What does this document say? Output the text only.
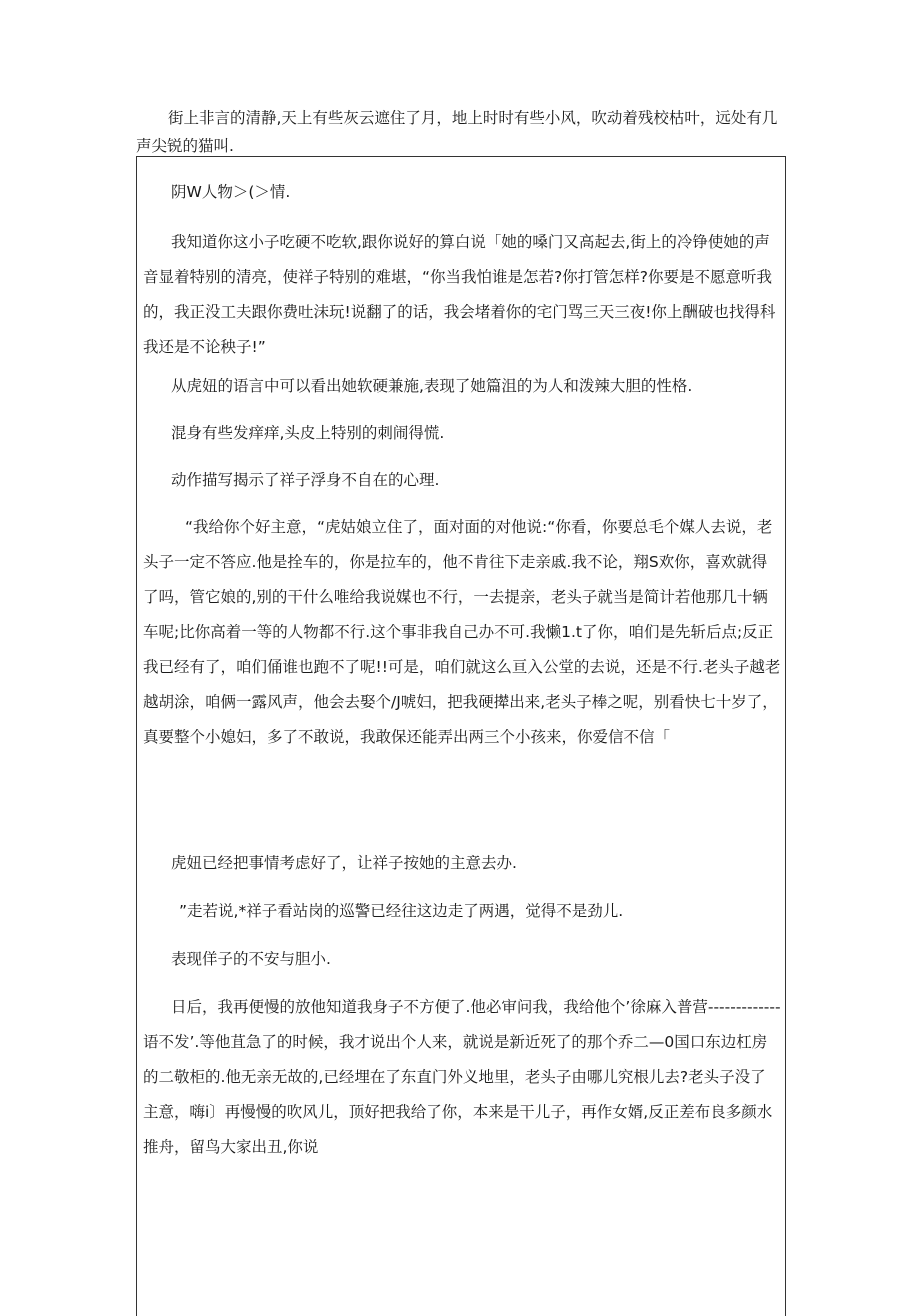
街上非言的清静,天上有些灰云遮住了月，地上时时有些小风，吹动着残校枯叶，远处有几声尖锐的猫叫.

阴W人物＞(＞情.

我知道你这小子吃硬不吃软,跟你说好的算白说「她的嗓门又高起去,街上的冷铮使她的声音显着特别的清亮，使祥子特别的难堪，“你当我怕谁是怎若?你打管怎样?你要是不愿意听我的，我正没工夫跟你费吐沫玩!说翻了的话，我会堵着你的宅门骂三天三夜!你上酬破也找得科我还是不论秧子!”

从虎妞的语言中可以看出她软硬兼施,表现了她篇沮的为人和泼辣大胆的性格.

混身有些发痒痒,头皮上特别的刺闹得慌.

动作描写揭示了祥子浮身不自在的心理.

“我给你个好主意，“虎姑娘立住了，面对面的对他说:“你看，你要总毛个媒人去说，老头子一定不答应.他是拴车的，你是拉车的，他不肯往下走亲戚.我不论，翔S欢你，喜欢就得了吗，管它娘的,别的干什么唯给我说媒也不行，一去提亲，老头子就当是简计若他那几十辆车呢;比你高着一等的人物都不行.这个事非我自己办不可.我懒1.t了你，咱们是先斩后点;反正我已经有了，咱们俑谁也跑不了呢!!可是，咱们就这么亘入公堂的去说，还是不行.老头子越老越胡涂，咱俩一露风声，他会去娶个/J唬妇，把我硬撵出来,老头子棒之呢，别看快七十岁了，真要整个小媳妇，多了不敢说，我敢保还能弄出两三个小孩来，你爱信不信「

虎妞已经把事情考虑好了，让祥子按她的主意去办.

”走若说,*祥子看站岗的巡警已经往这边走了两遇，觉得不是劲儿.

表现佯子的不安与胆小.

日后，我再便慢的放他知道我身子不方便了.他必审问我，我给他个’徐麻入普营-------------语不发’.等他苴急了的时候，我才说出个人来，就说是新近死了的那个乔二—0国口东边杠房的二敬柜的.他无亲无故的,已经埋在了东直门外义地里，老头子由哪儿究根儿去?老头子没了主意，嗨i〕再慢慢的吹风儿，顶好把我给了你，本来是干儿子，再作女婿,反正差布良多颜水推舟，留鸟大家出丑,你说
